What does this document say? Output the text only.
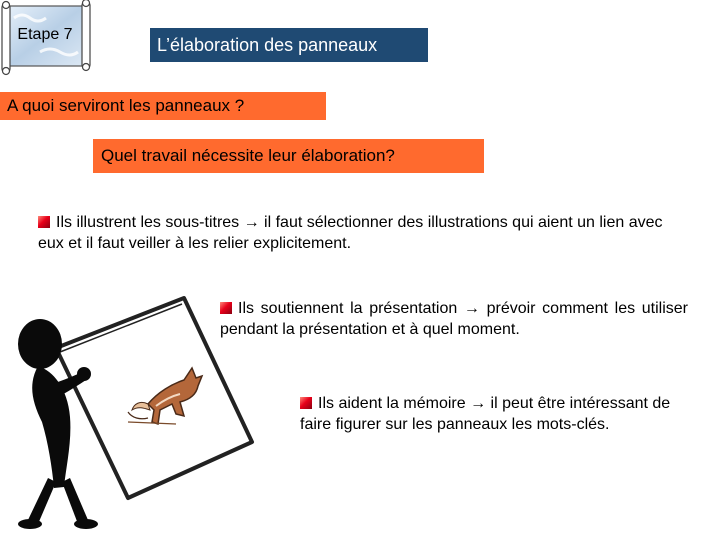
Etape 7
L’élaboration des panneaux
A quoi serviront les panneaux ?
Quel travail nécessite leur élaboration?
Ils illustrent les sous-titres → il faut sélectionner des illustrations qui aient un lien avec eux et il faut veiller à les relier explicitement.
Ils soutiennent la présentation → prévoir comment les utiliser pendant la présentation et à quel moment.
Ils aident la mémoire → il peut être intéressant de faire figurer sur les panneaux les mots-clés.
